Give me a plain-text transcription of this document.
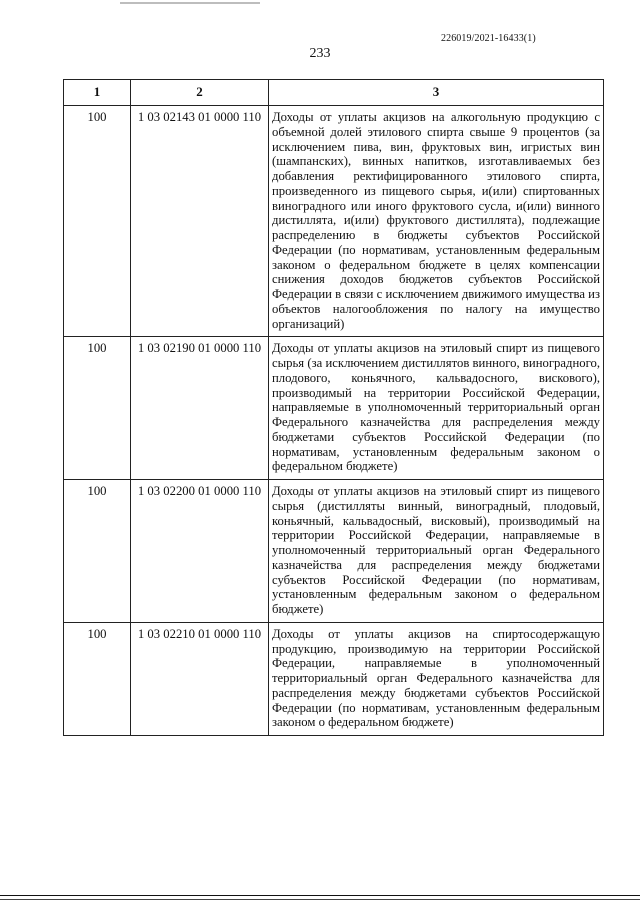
226019/2021-16433(1)
233
1	2	3
100	1 03 02143 01 0000 110	Доходы от уплаты акцизов на алкогольную продукцию с объемной долей этилового спирта свыше 9 процентов (за исключением пива, вин, фруктовых вин, игристых вин (шампанских), винных напитков, изготавливаемых без добавления ректифицированного этилового спирта, произведенного из пищевого сырья, и(или) спиртованных виноградного или иного фруктового сусла, и(или) винного дистиллята, и(или) фруктового дистиллята), подлежащие распределению в бюджеты субъектов Российской Федерации (по нормативам, установленным федеральным законом о федеральном бюджете в целях компенсации снижения доходов бюджетов субъектов Российской Федерации в связи с исключением движимого имущества из объектов налогообложения по налогу на имущество организаций)
100	1 03 02190 01 0000 110	Доходы от уплаты акцизов на этиловый спирт из пищевого сырья (за исключением дистиллятов винного, виноградного, плодового, коньячного, кальвадосного, вискового), производимый на территории Российской Федерации, направляемые в уполномоченный территориальный орган Федерального казначейства для распределения между бюджетами субъектов Российской Федерации (по нормативам, установленным федеральным законом о федеральном бюджете)
100	1 03 02200 01 0000 110	Доходы от уплаты акцизов на этиловый спирт из пищевого сырья (дистилляты винный, виноградный, плодовый, коньячный, кальвадосный, висковый), производимый на территории Российской Федерации, направляемые в уполномоченный территориальный орган Федерального казначейства для распределения между бюджетами субъектов Российской Федерации (по нормативам, установленным федеральным законом о федеральном бюджете)
100	1 03 02210 01 0000 110	Доходы от уплаты акцизов на спиртосодержащую продукцию, производимую на территории Российской Федерации, направляемые в уполномоченный территориальный орган Федерального казначейства для распределения между бюджетами субъектов Российской Федерации (по нормативам, установленным федеральным законом о федеральном бюджете)
